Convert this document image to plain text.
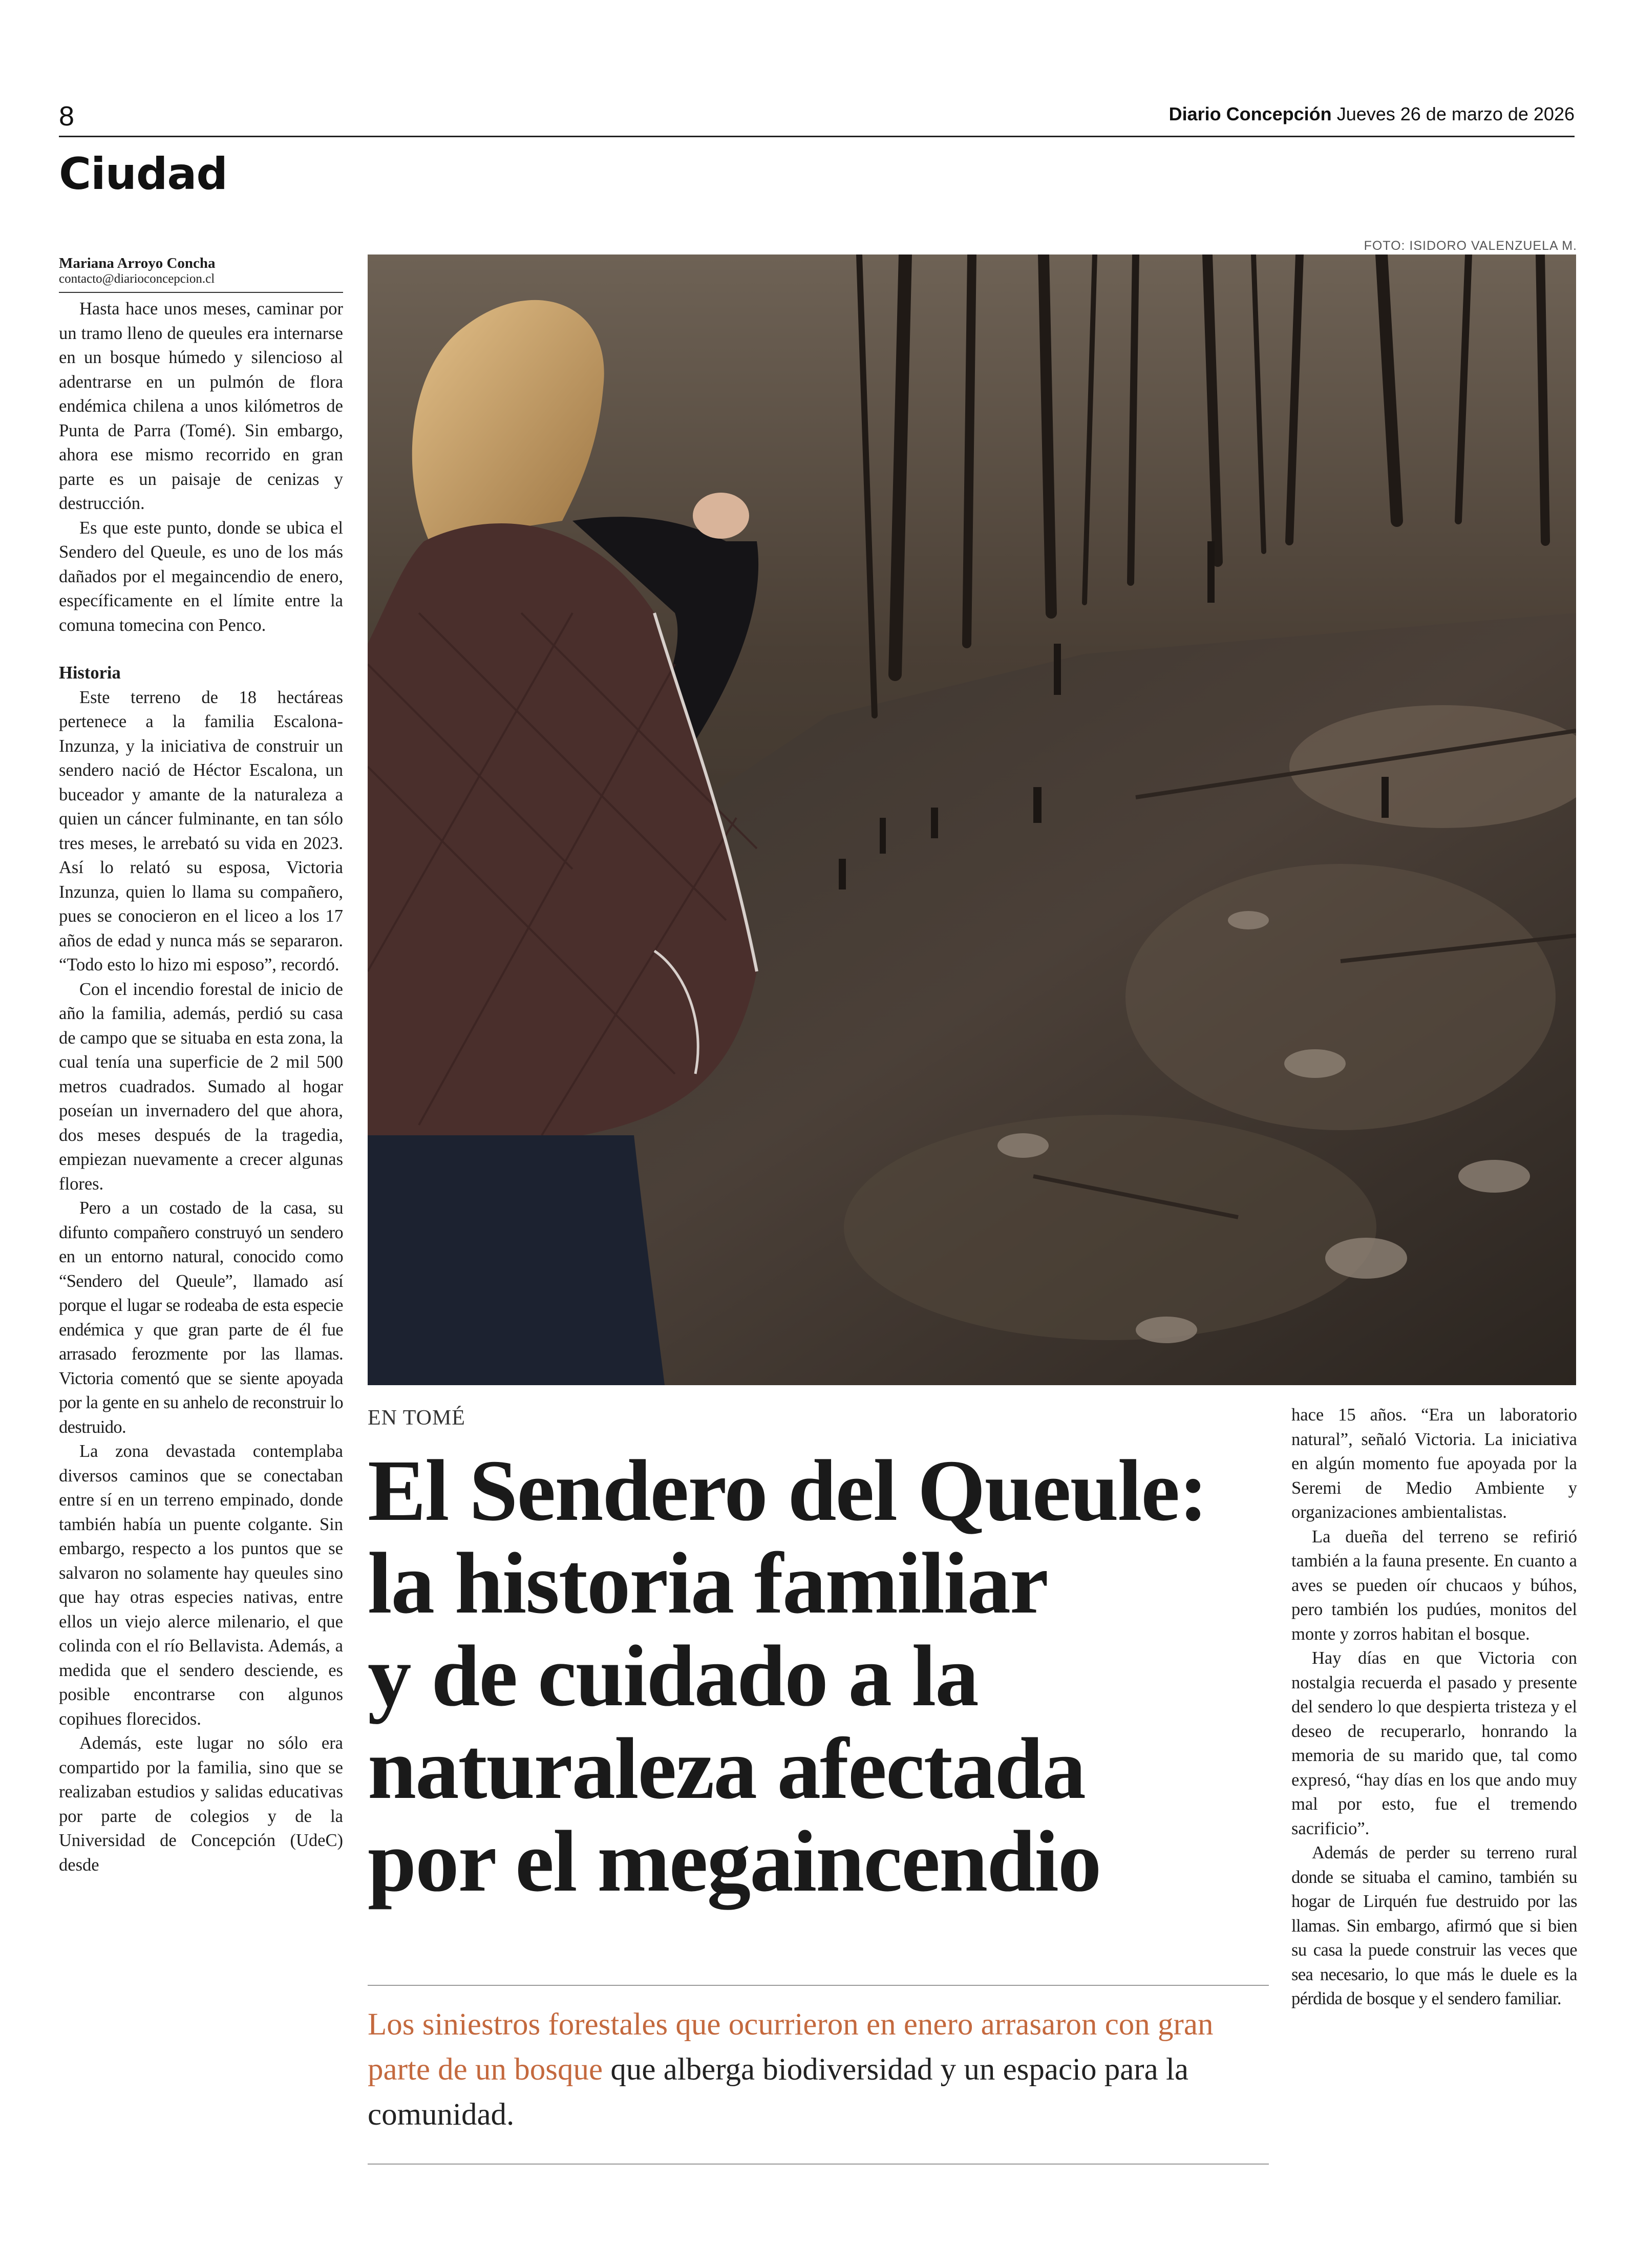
8	Diario Concepción Jueves 26 de marzo de 2026
Ciudad
Mariana Arroyo Concha
contacto@diarioconcepcion.cl

Hasta hace unos meses, caminar por un tramo lleno de queules era internarse en un bosque húmedo y silencioso al adentrarse en un pulmón de flora endémica chilena a unos kilómetros de Punta de Parra (Tomé). Sin embargo, ahora ese mismo recorrido en gran parte es un paisaje de cenizas y destrucción.

Es que este punto, donde se ubica el Sendero del Queule, es uno de los más dañados por el megaincendio de enero, específicamente en el límite entre la comuna tomecina con Penco.

Historia

Este terreno de 18 hectáreas pertenece a la familia Escalona-Inzunza, y la iniciativa de construir un sendero nació de Héctor Escalona, un buceador y amante de la naturaleza a quien un cáncer fulminante, en tan sólo tres meses, le arrebató su vida en 2023. Así lo relató su esposa, Victoria Inzunza, quien lo llama su compañero, pues se conocieron en el liceo a los 17 años de edad y nunca más se separaron. “Todo esto lo hizo mi esposo”, recordó.

Con el incendio forestal de inicio de año la familia, además, perdió su casa de campo que se situaba en esta zona, la cual tenía una superficie de 2 mil 500 metros cuadrados. Sumado al hogar poseían un invernadero del que ahora, dos meses después de la tragedia, empiezan nuevamente a crecer algunas flores.

Pero a un costado de la casa, su difunto compañero construyó un sendero en un entorno natural, conocido como “Sendero del Queule”, llamado así porque el lugar se rodeaba de esta especie endémica y que gran parte de él fue arrasado ferozmente por las llamas. Victoria comentó que se siente apoyada por la gente en su anhelo de reconstruir lo destruido.

La zona devastada contemplaba diversos caminos que se conectaban entre sí en un terreno empinado, donde también había un puente colgante. Sin embargo, respecto a los puntos que se salvaron no solamente hay queules sino que hay otras especies nativas, entre ellos un viejo alerce milenario, el que colinda con el río Bellavista. Además, a medida que el sendero desciende, es posible encontrarse con algunos copihues florecidos.

Además, este lugar no sólo era compartido por la familia, sino que se realizaban estudios y salidas educativas por parte de colegios y de la Universidad de Concepción (UdeC) desde

FOTO: ISIDORO VALENZUELA M.
EN TOMÉ
El Sendero del Queule:
la historia familiar
y de cuidado a la
naturaleza afectada
por el megaincendio
Los siniestros forestales que ocurrieron en enero arrasaron con gran parte de un bosque que alberga biodiversidad y un espacio para la comunidad.

hace 15 años. “Era un laboratorio natural”, señaló Victoria. La iniciativa en algún momento fue apoyada por la Seremi de Medio Ambiente y organizaciones ambientalistas.

La dueña del terreno se refirió también a la fauna presente. En cuanto a aves se pueden oír chucaos y búhos, pero también los pudúes, monitos del monte y zorros habitan el bosque.

Hay días en que Victoria con nostalgia recuerda el pasado y presente del sendero lo que despierta tristeza y el deseo de recuperarlo, honrando la memoria de su marido que, tal como expresó, “hay días en los que ando muy mal por esto, fue el tremendo sacrificio”.

Además de perder su terreno rural donde se situaba el camino, también su hogar de Lirquén fue destruido por las llamas. Sin embargo, afirmó que si bien su casa la puede construir las veces que sea necesario, lo que más le duele es la pérdida de bosque y el sendero familiar.
